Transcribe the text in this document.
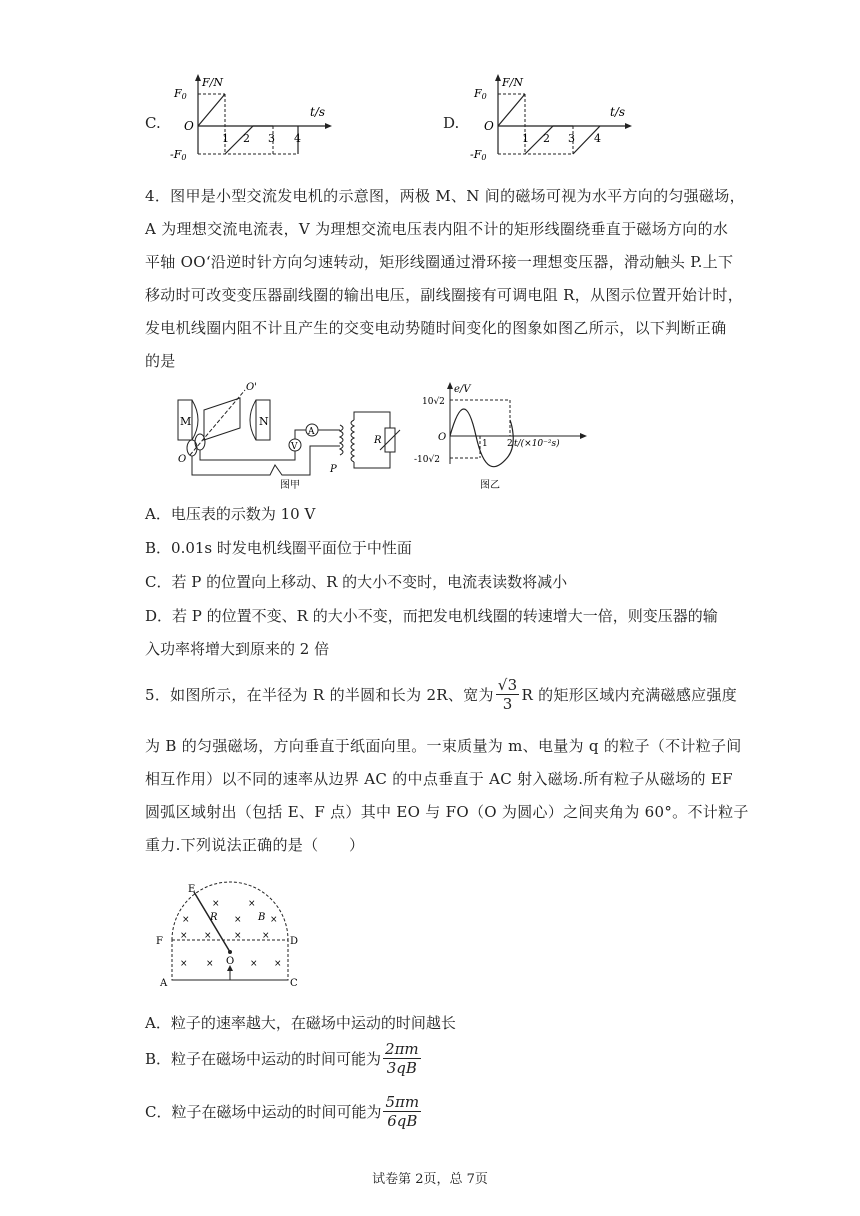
C.
F0
-F0
O
F/N
t/s
1 2 3 4
D.
F0
-F0
O
F/N
t/s
1 2 3 4
4．图甲是小型交流发电机的示意图，两极 M、N 间的磁场可视为水平方向的匀强磁场，
A 为理想交流电流表，V 为理想交流电压表内阻不计的矩形线圈绕垂直于磁场方向的水
平轴 OO‘沿逆时针方向匀速转动，矩形线圈通过滑环接一理想变压器，滑动触头 P.上下
移动时可改变变压器副线圈的输出电压，副线圈接有可调电阻 R，从图示位置开始计时，
发电机线圈内阻不计且产生的交变电动势随时间变化的图象如图乙所示，以下判断正确
的是
M	N
O
O'
V
A
P
R
图甲
e/V
10√2
-10√2
O
1 2 t/(×10⁻²s)
图乙
A．电压表的示数为 10 V
B．0.01s 时发电机线圈平面位于中性面
C．若 P 的位置向上移动、R 的大小不变时，电流表读数将减小
D．若 P 的位置不变、R 的大小不变，而把发电机线圈的转速增大一倍，则变压器的输
入功率将增大到原来的 2 倍
5．如图所示，在半径为 R 的半圆和长为 2R、宽为 $\frac{√3}{3}$ R 的矩形区域内充满磁感应强度
为 B 的匀强磁场，方向垂直于纸面向里。一束质量为 m、电量为 q 的粒子（不计粒子间
相互作用）以不同的速率从边界 AC 的中点垂直于 AC 射入磁场.所有粒子从磁场的 EF
圆弧区域射出（包括 E、F 点）其中 EO 与 FO（O 为圆心）之间夹角为 60°。不计粒子
重力.下列说法正确的是（　　）
E
F	D
A	C
O
R	B
×	×
×	×	×
× × × ×
× ×	× ×
A．粒子的速率越大，在磁场中运动的时间越长
B．粒子在磁场中运动的时间可能为 $\frac{2\pi m}{3qB}$
C．粒子在磁场中运动的时间可能为 $\frac{5\pi m}{6qB}$
试卷第 2页，总 7页
